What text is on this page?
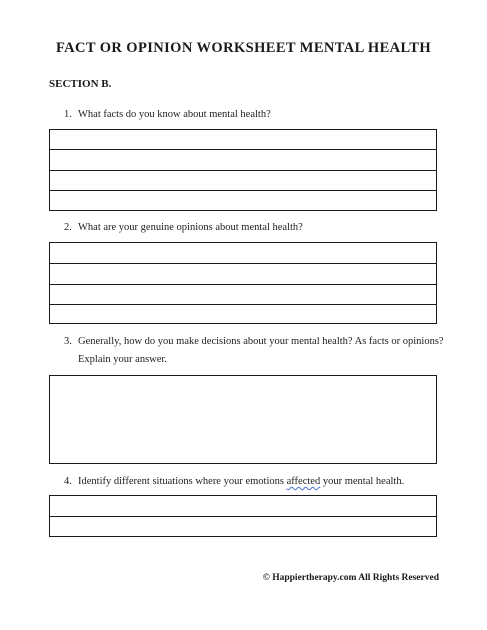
FACT OR OPINION WORKSHEET MENTAL HEALTH
SECTION B.
1. What facts do you know about mental health?
2. What are your genuine opinions about mental health?
3. Generally, how do you make decisions about your mental health? As facts or opinions? Explain your answer.
4. Identify different situations where your emotions affected your mental health.
© Happiertherapy.com All Rights Reserved
